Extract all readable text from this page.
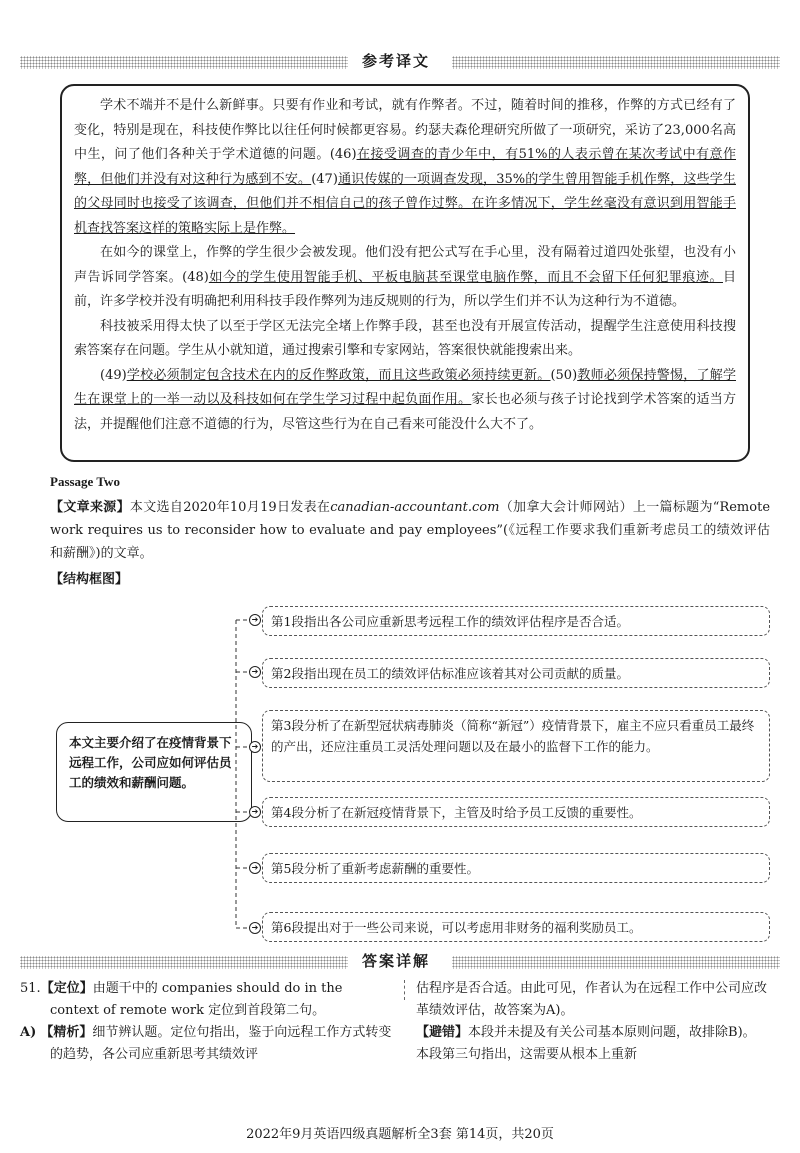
参考译文

学术不端并不是什么新鲜事。只要有作业和考试，就有作弊者。不过，随着时间的推移，作弊的方式已经有了变化，特别是现在，科技使作弊比以往任何时候都更容易。约瑟夫森伦理研究所做了一项研究，采访了23,000名高中生，问了他们各种关于学术道德的问题。(46)在接受调查的青少年中，有51%的人表示曾在某次考试中有意作弊，但他们并没有对这种行为感到不安。(47)通识传媒的一项调查发现，35%的学生曾用智能手机作弊，这些学生的父母同时也接受了该调查，但他们并不相信自己的孩子曾作过弊。在许多情况下，学生丝毫没有意识到用智能手机查找答案这样的策略实际上是作弊。

在如今的课堂上，作弊的学生很少会被发现。他们没有把公式写在手心里，没有隔着过道四处张望，也没有小声告诉同学答案。(48)如今的学生使用智能手机、平板电脑甚至课堂电脑作弊，而且不会留下任何犯罪痕迹。目前，许多学校并没有明确把利用科技手段作弊列为违反规则的行为，所以学生们并不认为这种行为不道德。

科技被采用得太快了以至于学区无法完全堵上作弊手段，甚至也没有开展宣传活动，提醒学生注意使用科技搜索答案存在问题。学生从小就知道，通过搜索引擎和专家网站，答案很快就能搜索出来。

(49)学校必须制定包含技术在内的反作弊政策，而且这些政策必须持续更新。(50)教师必须保持警惕，了解学生在课堂上的一举一动以及科技如何在学生学习过程中起负面作用。家长也必须与孩子讨论找到学术答案的适当方法，并提醒他们注意不道德的行为，尽管这些行为在自己看来可能没什么大不了。

Passage Two

【文章来源】本文选自2020年10月19日发表在canadian-accountant.com（加拿大会计师网站）上一篇标题为“Remote work requires us to reconsider how to evaluate and pay employees”(《远程工作要求我们重新考虑员工的绩效评估和薪酬》)的文章。

【结构框图】

本文主要介绍了在疫情背景下远程工作，公司应如何评估员工的绩效和薪酬问题。
➔	第1段指出各公司应重新思考远程工作的绩效评估程序是否合适。
➔	第2段指出现在员工的绩效评估标准应该着其对公司贡献的质量。
➔
第3段分析了在新型冠状病毒肺炎（简称“新冠”）疫情背景下，雇主不应只看重员工最终的产出，还应注重员工灵活处理问题以及在最小的监督下工作的能力。
➔	第4段分析了在新冠疫情背景下，主管及时给予员工反馈的重要性。
➔	第5段分析了重新考虑薪酬的重要性。
➔	第6段提出对于一些公司来说，可以考虑用非财务的福利奖励员工。
答案详解
51.【定位】由题干中的 companies should do in the context of remote work 定位到首段第二句。
A) 【精析】细节辨认题。定位句指出，鉴于向远程工作方式转变的趋势，各公司应重新思考其绩效评
估程序是否合适。由此可见，作者认为在远程工作中公司应改革绩效评估，故答案为A)。
【避错】本段并未提及有关公司基本原则问题，故排除B)。本段第三句指出，这需要从根本上重新
2022年9月英语四级真题解析全3套 第14页，共20页
